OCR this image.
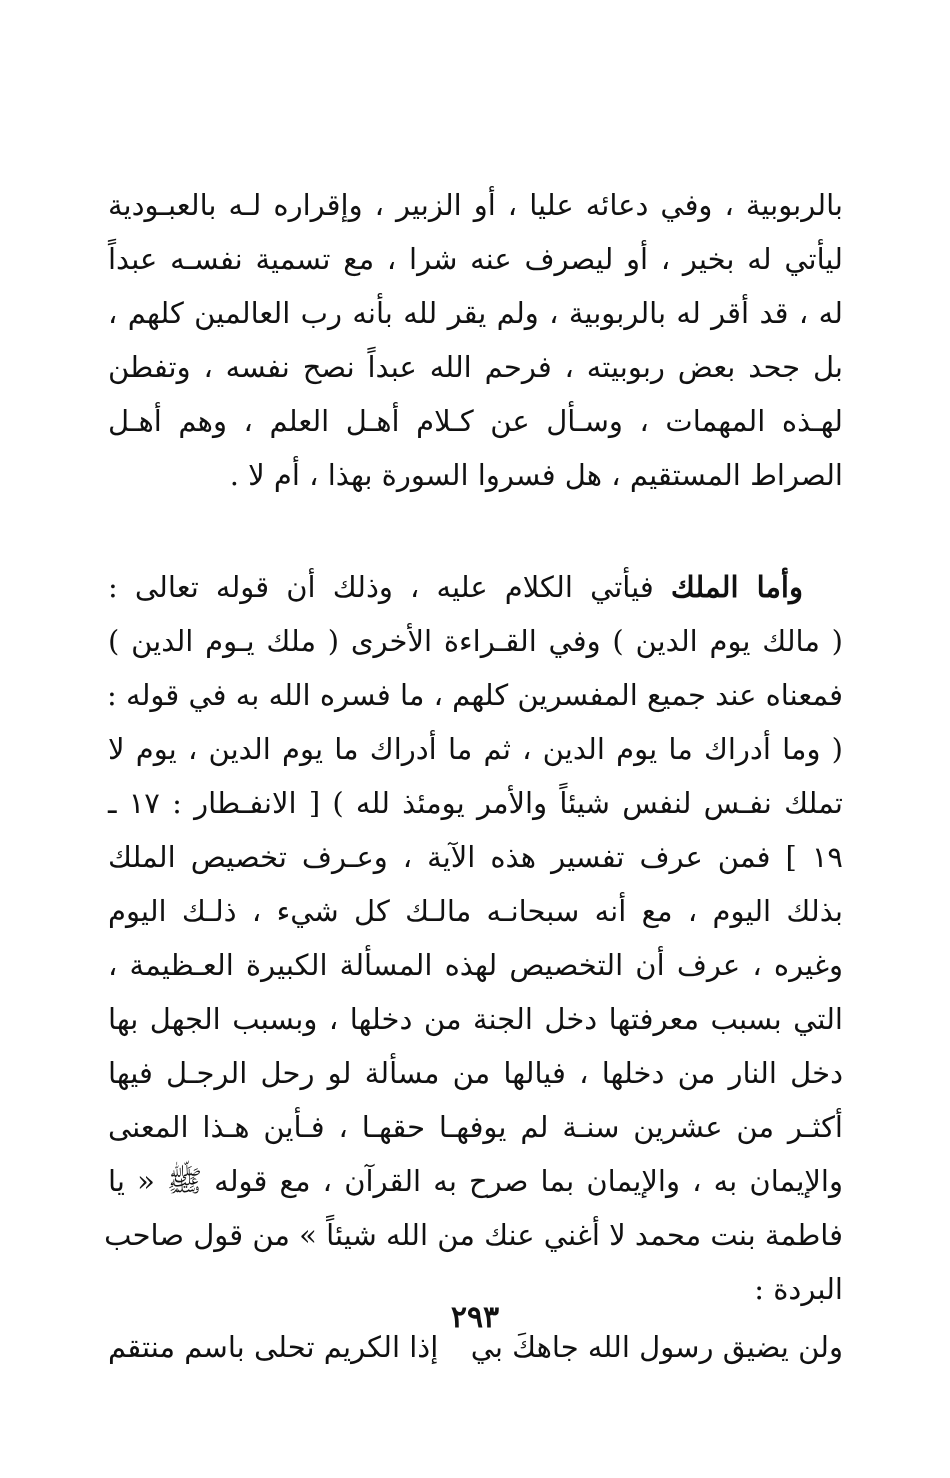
بالربوبية ، وفي دعائه عليا ، أو الزبير ، وإقراره لـه بالعبـودية
ليأتي له بخير ، أو ليصرف عنه شرا ، مع تسمية نفسـه عبداً
له ، قد أقر له بالربوبية ، ولم يقر لله بأنه رب العالمين كلهم ،
بل جحد بعض ربوبيته ، فرحم الله عبداً نصح نفسه ، وتفطن
لهـذه المهمات ، وسـأل عن كـلام أهـل العلم ، وهم أهـل
الصراط المستقيم ، هل فسروا السورة بهذا ، أم لا .

وأما الملك فيأتي الكلام عليه ، وذلك أن قوله تعالى :
( مالك يوم الدين ) وفي القـراءة الأخرى ( ملك يـوم الدين )
فمعناه عند جميع المفسرين كلهم ، ما فسره الله به في قوله :
( وما أدراك ما يوم الدين ، ثم ما أدراك ما يوم الدين ، يوم لا
تملك نفـس لنفس شيئاً والأمر يومئذ لله ) [ الانفـطار : ١٧ ـ
١٩ ] فمن عرف تفسير هذه الآية ، وعـرف تخصيص الملك
بذلك اليوم ، مع أنه سبحانـه مالـك كل شيء ، ذلـك اليوم
وغيره ، عرف أن التخصيص لهذه المسألة الكبيرة العـظيمة ،
التي بسبب معرفتها دخل الجنة من دخلها ، وبسبب الجهل بها
دخل النار من دخلها ، فيالها من مسألة لو رحل الرجـل فيها
أكثـر من عشرين سنـة لم يوفهـا حقهـا ، فـأين هـذا المعنى
والإيمان به ، والإيمان بما صرح به القرآن ، مع قوله ﷺ « يا
فاطمة بنت محمد لا أغني عنك من الله شيئاً » من قول صاحب
البردة :

ولن يضيق رسول الله جاهكَ بي
إذا الكريم تحلى باسم منتقم
٢٩٣
